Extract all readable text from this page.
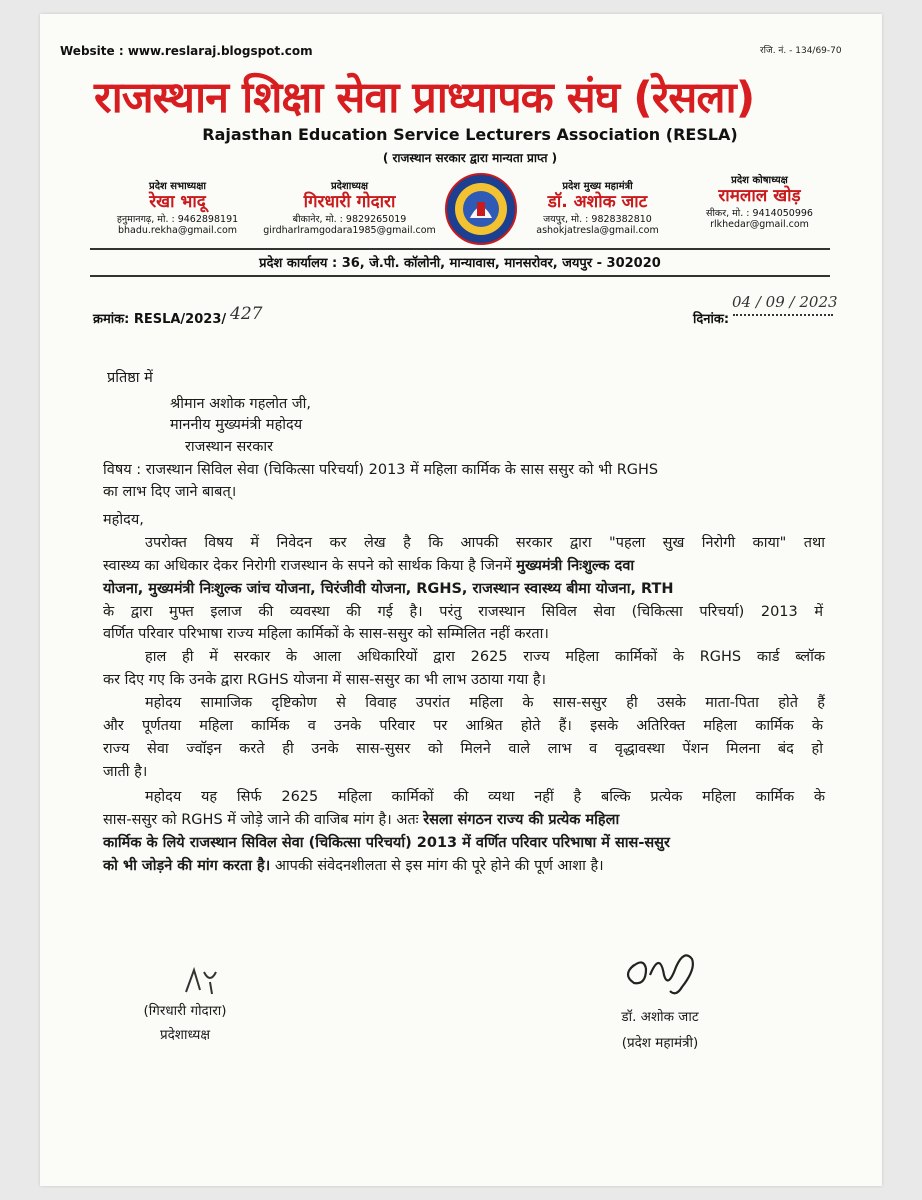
Website : www.reslaraj.blogspot.com	रजि. नं. - 134/69-70
राजस्थान शिक्षा सेवा प्राध्यापक संघ (रेसला)
Rajasthan Education Service Lecturers Association (RESLA)
( राजस्थान सरकार द्वारा मान्यता प्राप्त )
प्रदेश सभाध्यक्षा
रेखा भादू
हनुमानगढ़, मो. : 9462898191
bhadu.rekha@gmail.com
प्रदेशाध्यक्ष
गिरधारी गोदारा
बीकानेर, मो. : 9829265019
girdharlramgodara1985@gmail.com
प्रदेश मुख्य महामंत्री
डॉ. अशोक जाट
जयपुर, मो. : 9828382810
ashokjatresla@gmail.com
प्रदेश कोषाध्यक्ष
रामलाल खोड़
सीकर, मो. : 9414050996
rlkhedar@gmail.com
प्रदेश कार्यालय : 36, जे.पी. कॉलोनी, मान्यावास, मानसरोवर, जयपुर - 302020
क्रमांक: RESLA/2023/ 427	दिनांक:
04 / 09 / 2023
प्रतिष्ठा में
श्रीमान अशोक गहलोत जी,
माननीय मुख्यमंत्री महोदय
राजस्थान सरकार
विषय : राजस्थान सिविल सेवा (चिकित्सा परिचर्या) 2013 में महिला कार्मिक के सास ससुर को भी RGHS
का लाभ दिए जाने बाबत्।
महोदय,
उपरोक्त विषय में निवेदन कर लेख है कि आपकी सरकार द्वारा "पहला सुख निरोगी काया" तथा
स्वास्थ्य का अधिकार देकर निरोगी राजस्थान के सपने को सार्थक किया है जिनमें मुख्यमंत्री निःशुल्क दवा
योजना, मुख्यमंत्री निःशुल्क जांच योजना, चिरंजीवी योजना, RGHS, राजस्थान स्वास्थ्य बीमा योजना, RTH
के द्वारा मुफ्त इलाज की व्यवस्था की गई है। परंतु राजस्थान सिविल सेवा (चिकित्सा परिचर्या) 2013 में
वर्णित परिवार परिभाषा राज्य महिला कार्मिकों के सास-ससुर को सम्मिलित नहीं करता।
हाल ही में सरकार के आला अधिकारियों द्वारा 2625 राज्य महिला कार्मिकों के RGHS कार्ड ब्लॉक
कर दिए गए कि उनके द्वारा RGHS योजना में सास-ससुर का भी लाभ उठाया गया है।
महोदय सामाजिक दृष्टिकोण से विवाह उपरांत महिला के सास-ससुर ही उसके माता-पिता होते हैं
और पूर्णतया महिला कार्मिक व उनके परिवार पर आश्रित होते हैं। इसके अतिरिक्त महिला कार्मिक के
राज्य सेवा ज्वॉइन करते ही उनके सास-सुसर को मिलने वाले लाभ व वृद्धावस्था पेंशन मिलना बंद हो
जाती है।
महोदय यह सिर्फ 2625 महिला कार्मिकों की व्यथा नहीं है बल्कि प्रत्येक महिला कार्मिक के
सास-ससुर को RGHS में जोड़े जाने की वाजिब मांग है। अतः रेसला संगठन राज्य की प्रत्येक महिला
कार्मिक के लिये राजस्थान सिविल सेवा (चिकित्सा परिचर्या) 2013 में वर्णित परिवार परिभाषा में सास-ससुर
को भी जोड़ने की मांग करता है। आपकी संवेदनशीलता से इस मांग की पूरे होने की पूर्ण आशा है।
(गिरधारी गोदारा)
प्रदेशाध्यक्ष
डॉ. अशोक जाट
(प्रदेश महामंत्री)
